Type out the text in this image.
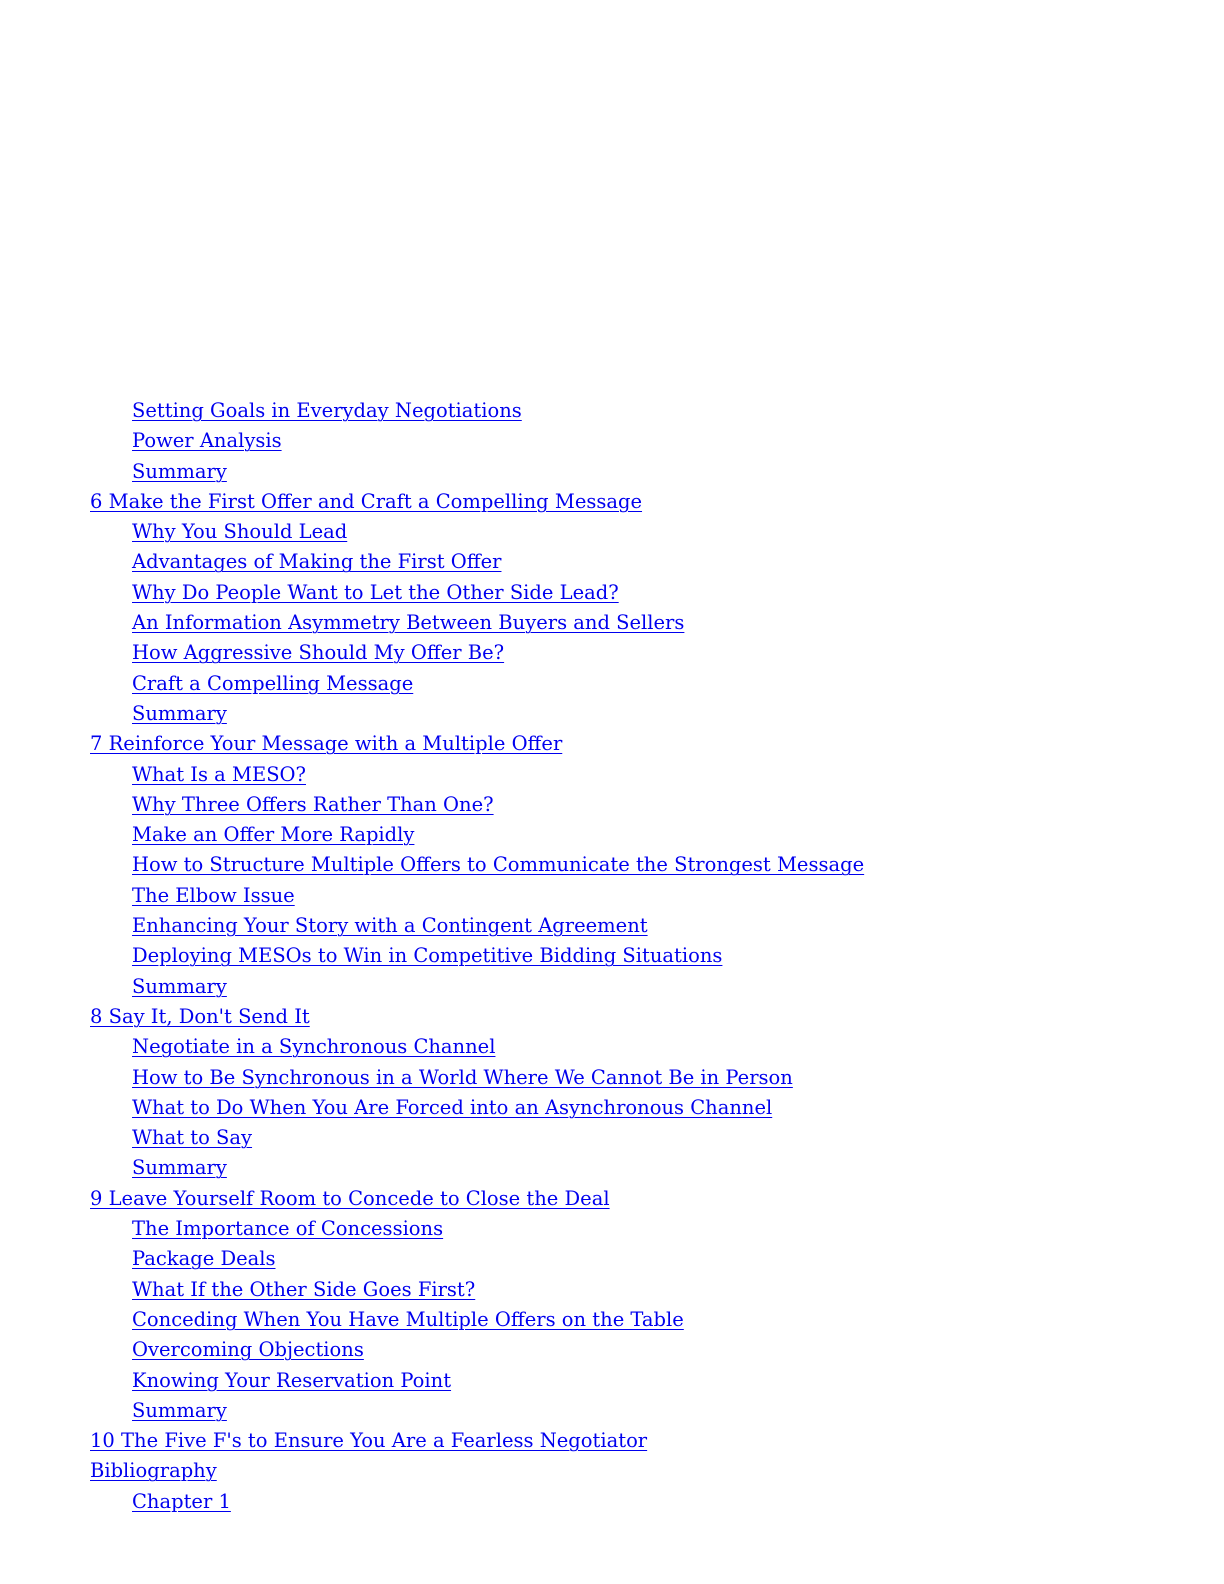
Setting Goals in Everyday Negotiations
Power Analysis
Summary
6 Make the First Offer and Craft a Compelling Message
Why You Should Lead
Advantages of Making the First Offer
Why Do People Want to Let the Other Side Lead?
An Information Asymmetry Between Buyers and Sellers
How Aggressive Should My Offer Be?
Craft a Compelling Message
Summary
7 Reinforce Your Message with a Multiple Offer
What Is a MESO?
Why Three Offers Rather Than One?
Make an Offer More Rapidly
How to Structure Multiple Offers to Communicate the Strongest Message
The Elbow Issue
Enhancing Your Story with a Contingent Agreement
Deploying MESOs to Win in Competitive Bidding Situations
Summary
8 Say It, Don't Send It
Negotiate in a Synchronous Channel
How to Be Synchronous in a World Where We Cannot Be in Person
What to Do When You Are Forced into an Asynchronous Channel
What to Say
Summary
9 Leave Yourself Room to Concede to Close the Deal
The Importance of Concessions
Package Deals
What If the Other Side Goes First?
Conceding When You Have Multiple Offers on the Table
Overcoming Objections
Knowing Your Reservation Point
Summary
10 The Five F's to Ensure You Are a Fearless Negotiator
Bibliography
Chapter 1
